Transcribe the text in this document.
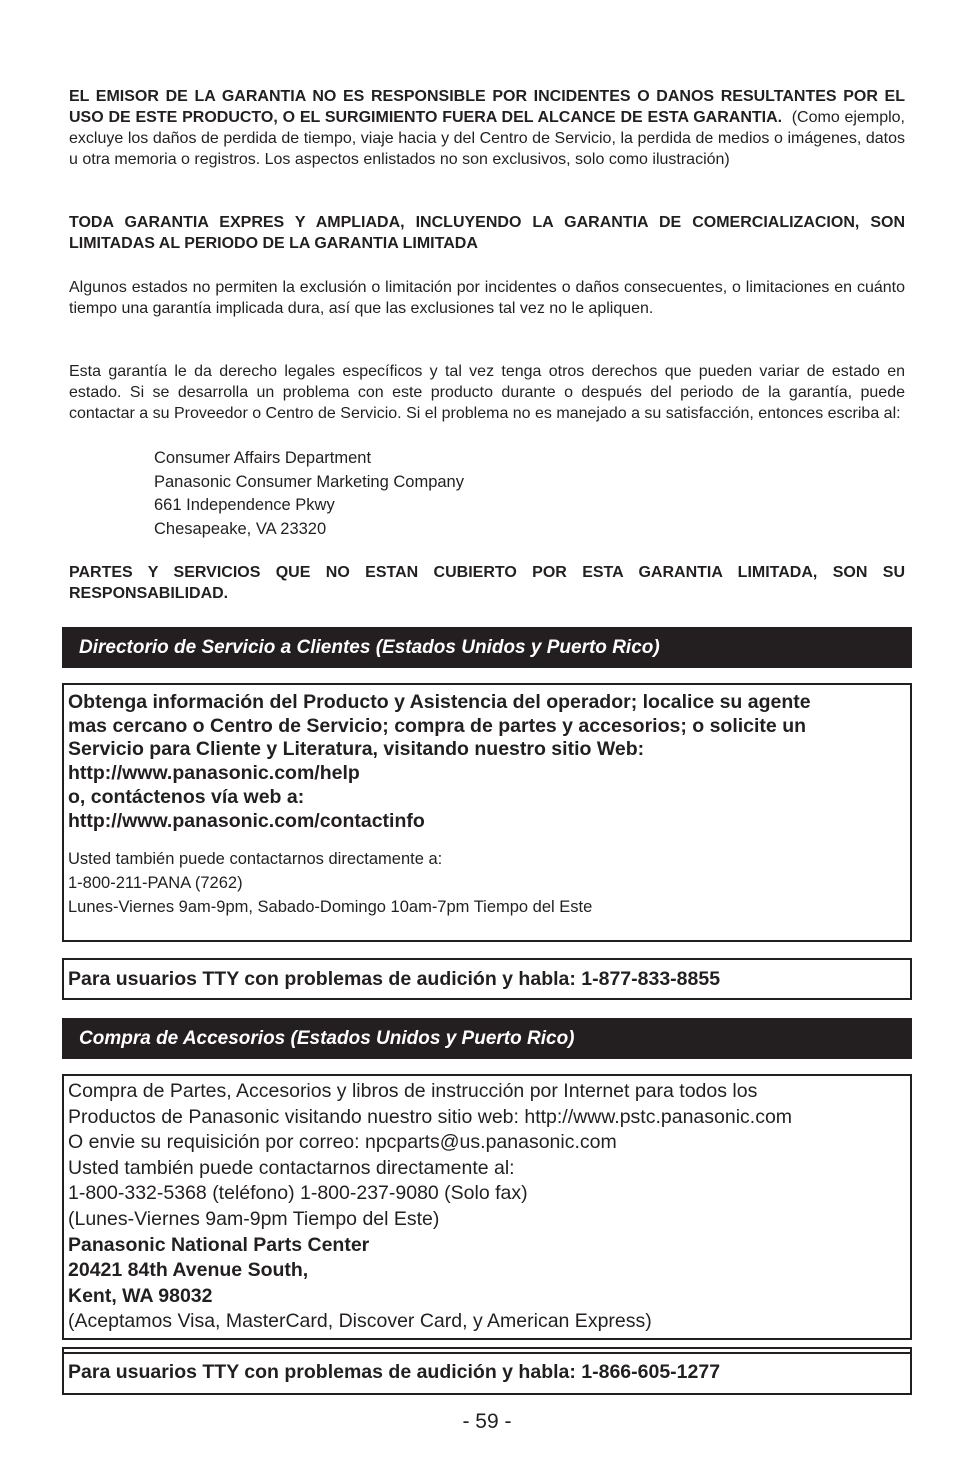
EL EMISOR DE LA GARANTIA NO ES RESPONSIBLE POR INCIDENTES O DANOS RESULTANTES POR EL USO DE ESTE PRODUCTO, O EL SURGIMIENTO FUERA DEL ALCANCE DE ESTA GARANTIA. (Como ejemplo, excluye los daños de perdida de tiempo, viaje hacia y del Centro de Servicio, la perdida de medios o imágenes, datos u otra memoria o registros. Los aspectos enlistados no son exclusivos, solo como ilustración)

TODA GARANTIA EXPRES Y AMPLIADA, INCLUYENDO LA GARANTIA DE COMERCIALIZACION, SON LIMITADAS AL PERIODO DE LA GARANTIA LIMITADA

Algunos estados no permiten la exclusión o limitación por incidentes o daños consecuentes, o limitaciones en cuánto tiempo una garantía implicada dura, así que las exclusiones tal vez no le apliquen.

Esta garantía le da derecho legales específicos y tal vez tenga otros derechos que pueden variar de estado en estado. Si se desarrolla un problema con este producto durante o después del periodo de la garantía, puede contactar a su Proveedor o Centro de Servicio. Si el problema no es manejado a su satisfacción, entonces escriba al:

Consumer Affairs Department
Panasonic Consumer Marketing Company
661 Independence Pkwy
Chesapeake, VA 23320

PARTES Y SERVICIOS QUE NO ESTAN CUBIERTO POR ESTA GARANTIA LIMITADA, SON SU RESPONSABILIDAD.

Directorio de Servicio a Clientes (Estados Unidos y Puerto Rico)
Obtenga información del Producto y Asistencia del operador; localice su agente
mas cercano o Centro de Servicio; compra de partes y accesorios; o solicite un
Servicio para Cliente y Literatura, visitando nuestro sitio Web:
http://www.panasonic.com/help
o, contáctenos vía web a:
http://www.panasonic.com/contactinfo
Usted también puede contactarnos directamente a:
1-800-211-PANA (7262)
Lunes-Viernes 9am-9pm, Sabado-Domingo 10am-7pm Tiempo del Este
Para usuarios TTY con problemas de audición y habla: 1-877-833-8855
Compra de Accesorios (Estados Unidos y Puerto Rico)
Compra de Partes, Accesorios y libros de instrucción por Internet para todos los
Productos de Panasonic visitando nuestro sitio web: http://www.pstc.panasonic.com
O envie su requisición por correo: npcparts@us.panasonic.com
Usted también puede contactarnos directamente al:
1-800-332-5368 (teléfono) 1-800-237-9080 (Solo fax)
(Lunes-Viernes 9am-9pm Tiempo del Este)
Panasonic National Parts Center
20421 84th Avenue South,
Kent, WA 98032
(Aceptamos Visa, MasterCard, Discover Card, y American Express)
Para usuarios TTY con problemas de audición y habla: 1-866-605-1277
- 59 -
